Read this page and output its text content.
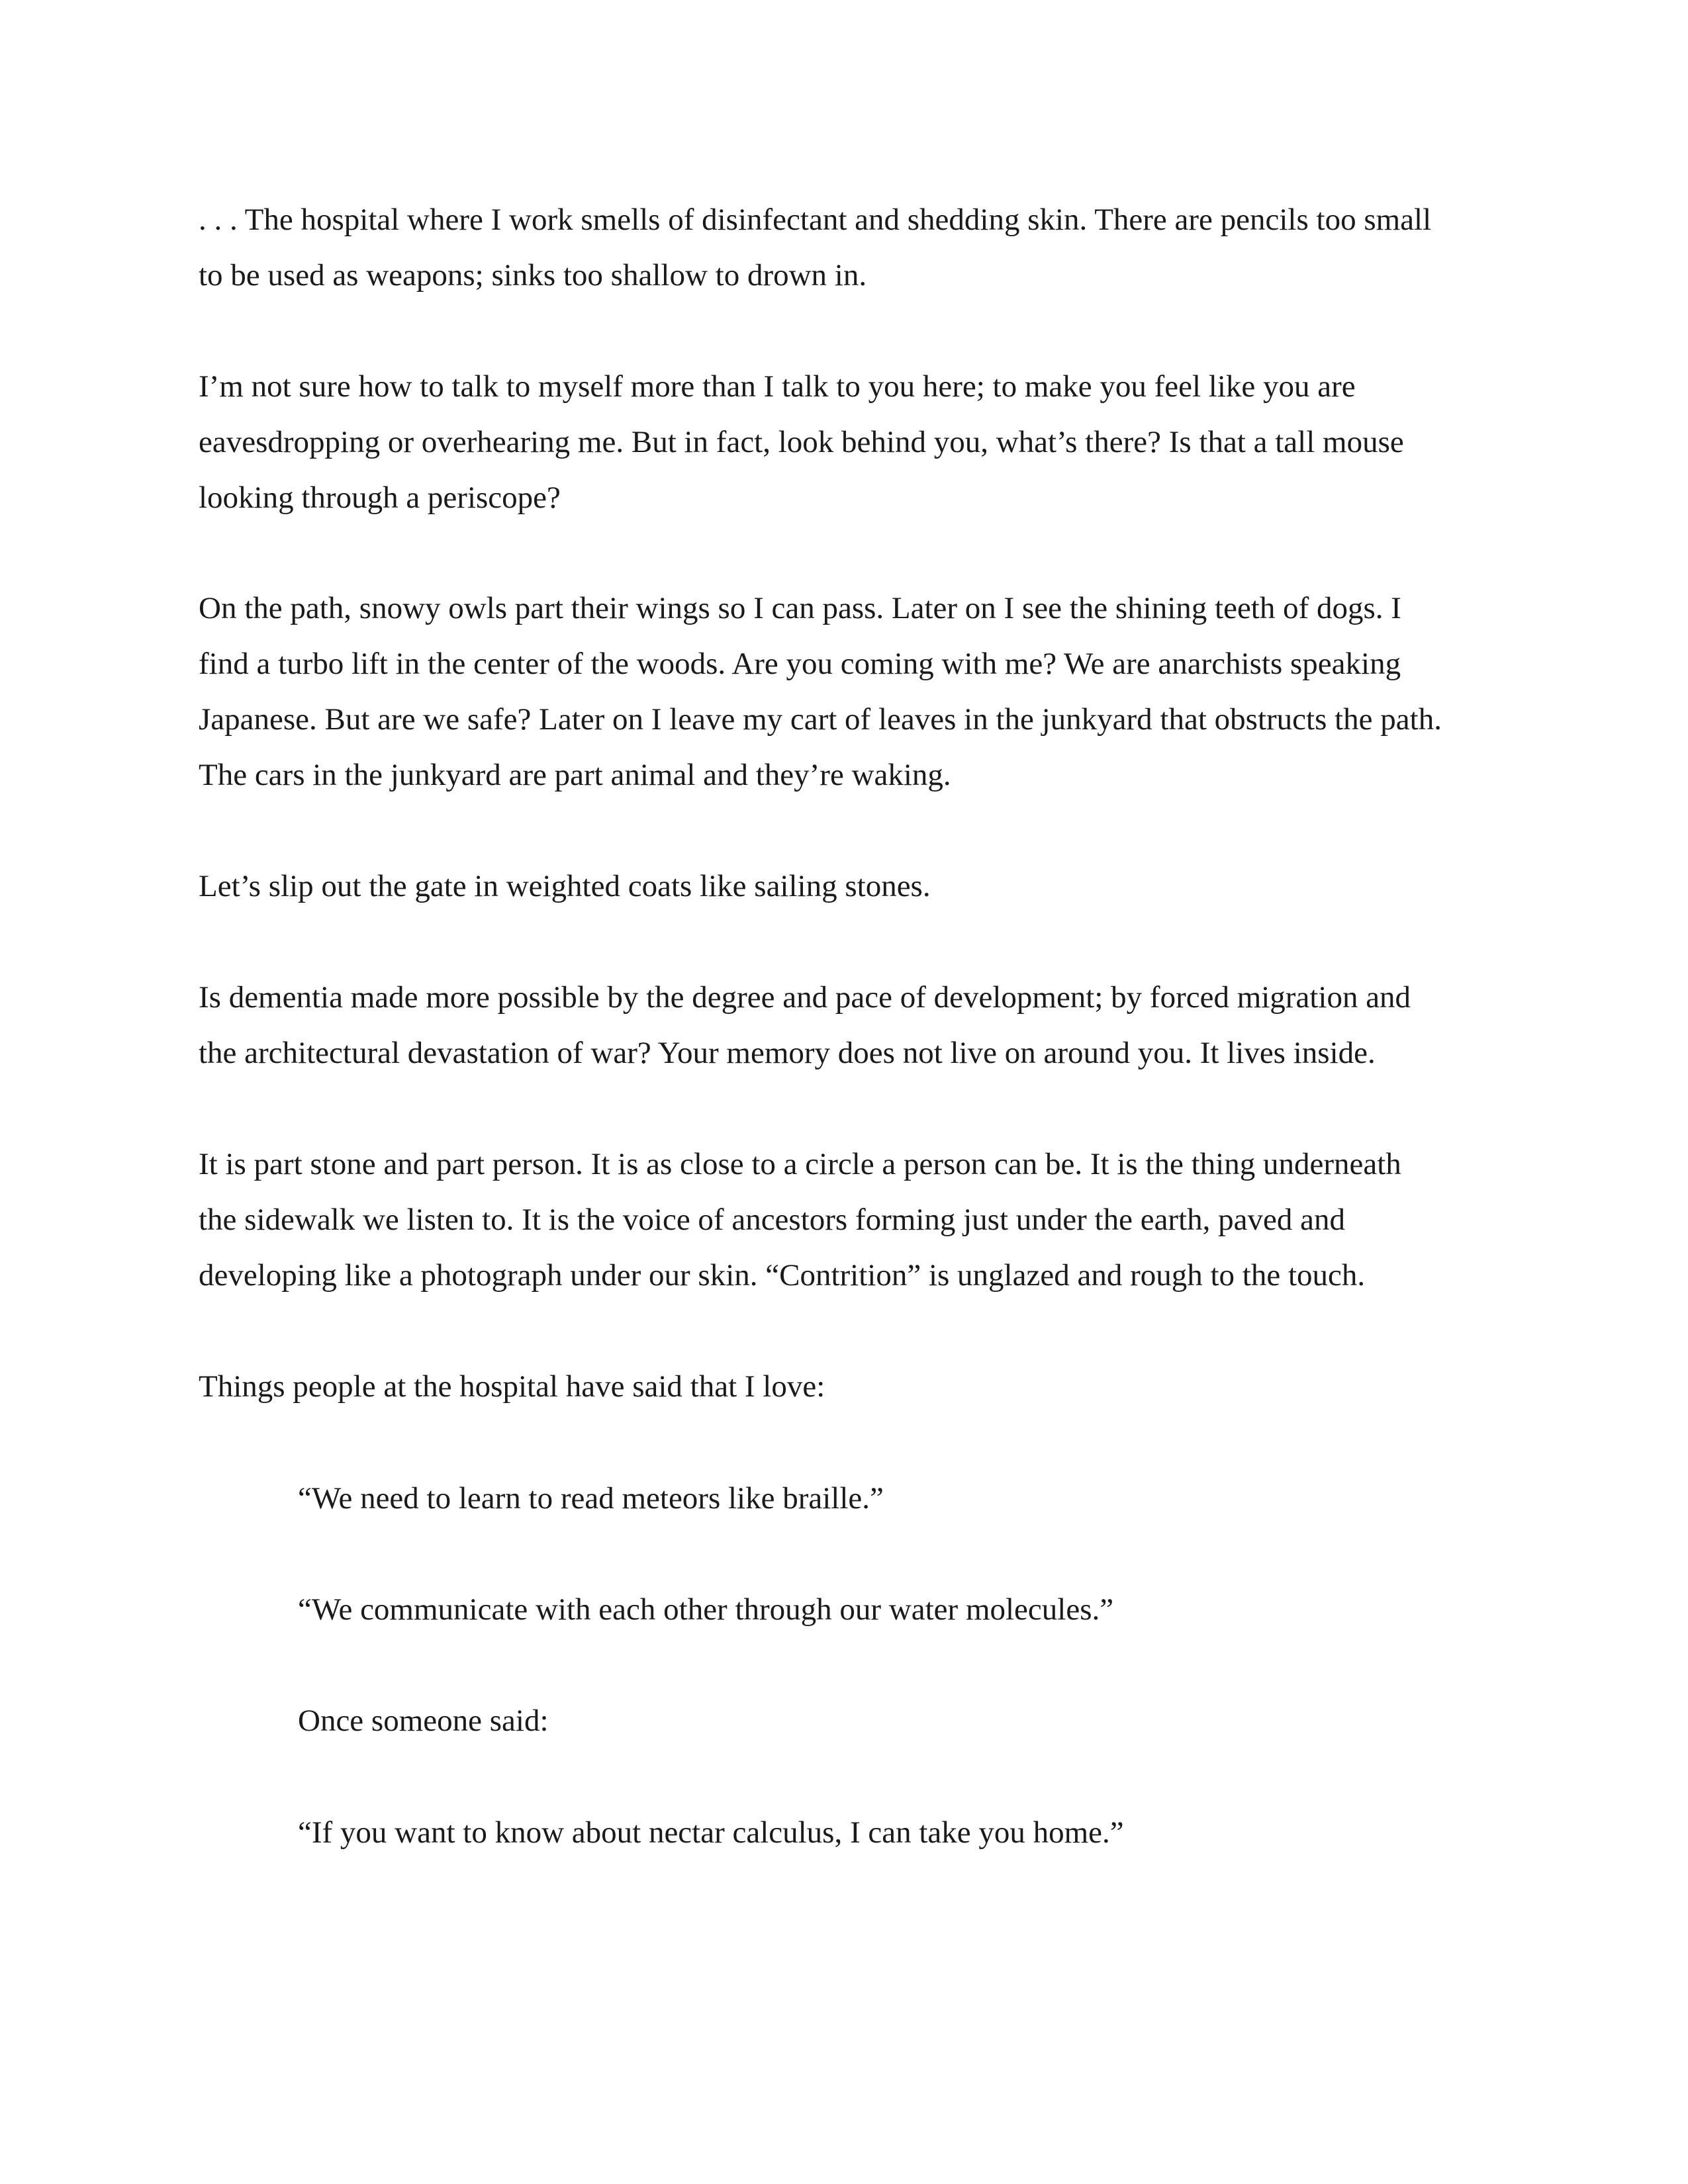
. . . The hospital where I work smells of disinfectant and shedding skin. There are pencils too small
to be used as weapons; sinks too shallow to drown in.

I’m not sure how to talk to myself more than I talk to you here; to make you feel like you are
eavesdropping or overhearing me. But in fact, look behind you, what’s there? Is that a tall mouse
looking through a periscope?

On the path, snowy owls part their wings so I can pass. Later on I see the shining teeth of dogs. I
find a turbo lift in the center of the woods. Are you coming with me? We are anarchists speaking
Japanese. But are we safe? Later on I leave my cart of leaves in the junkyard that obstructs the path.
The cars in the junkyard are part animal and they’re waking.

Let’s slip out the gate in weighted coats like sailing stones.

Is dementia made more possible by the degree and pace of development; by forced migration and
the architectural devastation of war? Your memory does not live on around you. It lives inside.

It is part stone and part person. It is as close to a circle a person can be. It is the thing underneath
the sidewalk we listen to. It is the voice of ancestors forming just under the earth, paved and
developing like a photograph under our skin. “Contrition” is unglazed and rough to the touch.

Things people at the hospital have said that I love:

“We need to learn to read meteors like braille.”

“We communicate with each other through our water molecules.”

Once someone said:

“If you want to know about nectar calculus, I can take you home.”
